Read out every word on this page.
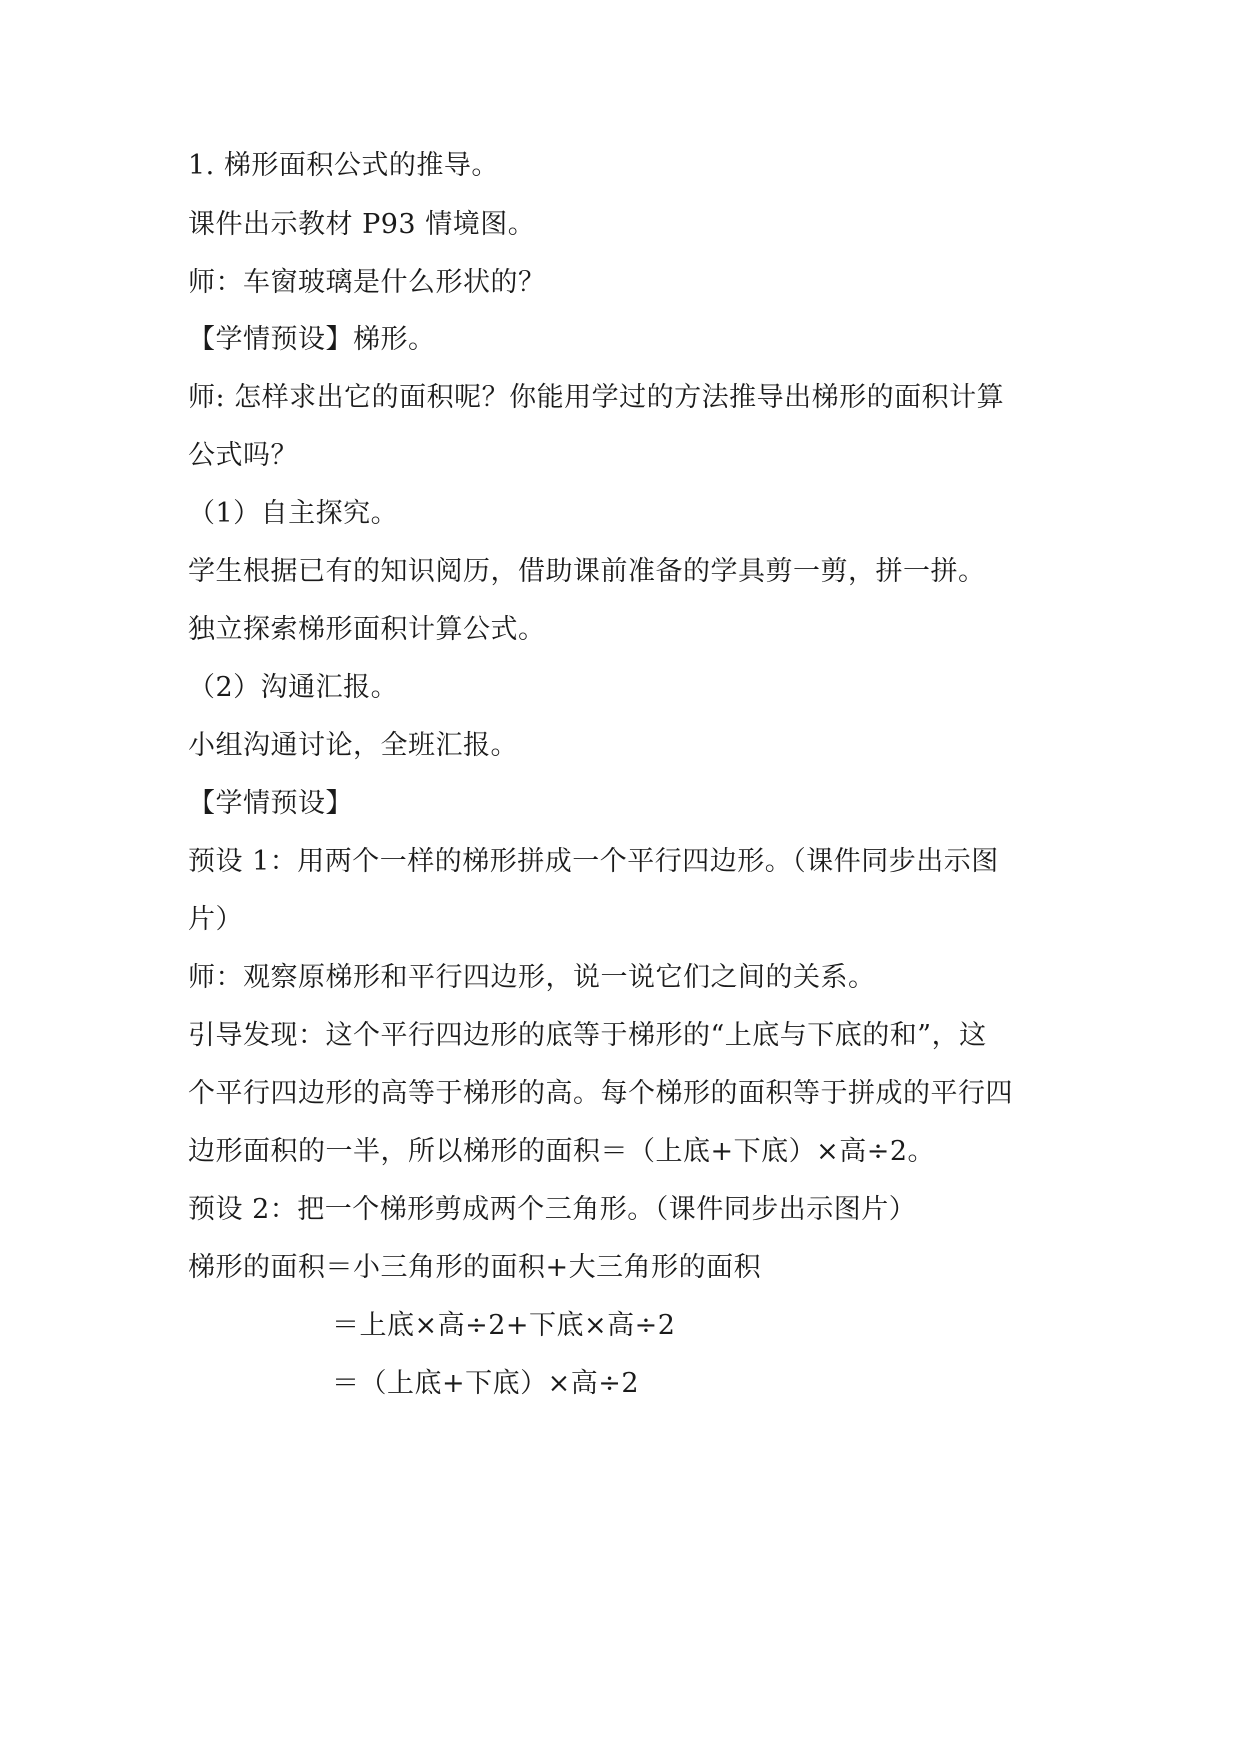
1. 梯形面积公式的推导。
课件出示教材 P93 情境图。
师：车窗玻璃是什么形状的？
【学情预设】梯形。
师: 怎样求出它的面积呢？你能用学过的方法推导出梯形的面积计算
公式吗？
（1）自主探究。
学生根据已有的知识阅历，借助课前准备的学具剪一剪，拼一拼。
独立探索梯形面积计算公式。
（2）沟通汇报。
小组沟通讨论，全班汇报。
【学情预设】
预设 1：用两个一样的梯形拼成一个平行四边形。（课件同步出示图
片）
师：观察原梯形和平行四边形，说一说它们之间的关系。
引导发现：这个平行四边形的底等于梯形的“上底与下底的和”，这
个平行四边形的高等于梯形的高。每个梯形的面积等于拼成的平行四
边形面积的一半，所以梯形的面积＝（上底+下底）×高÷2。
预设 2：把一个梯形剪成两个三角形。（课件同步出示图片）
梯形的面积＝小三角形的面积+大三角形的面积
＝上底×高÷2+下底×高÷2
＝（上底+下底）×高÷2
